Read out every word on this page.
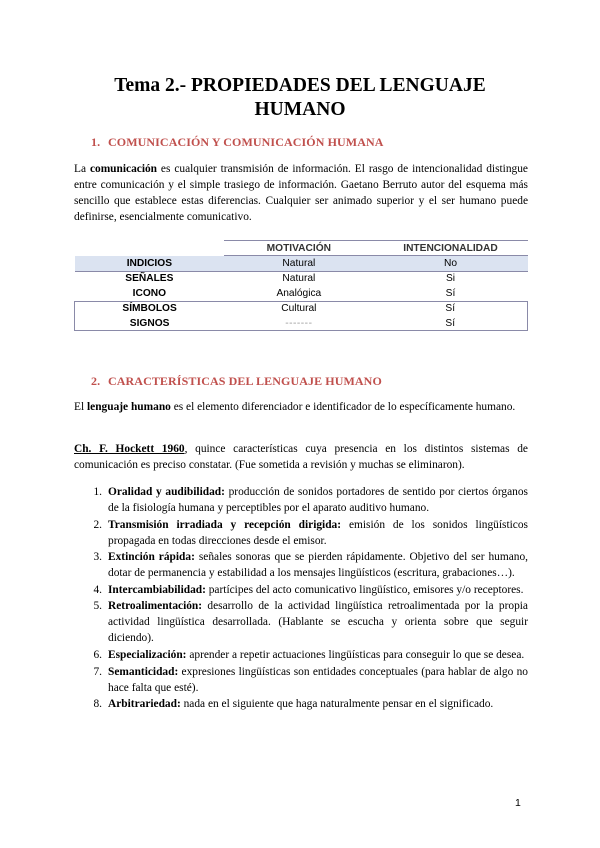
Tema 2.- PROPIEDADES DEL LENGUAJE
HUMANO
1. COMUNICACIÓN Y COMUNICACIÓN HUMANA
La comunicación es cualquier transmisión de información. El rasgo de intencionalidad distingue entre comunicación y el simple trasiego de información. Gaetano Berruto autor del esquema más sencillo que establece estas diferencias. Cualquier ser animado superior y el ser humano puede definirse, esencialmente comunicativo.
	MOTIVACIÓN	INTENCIONALIDAD
INDICIOS	Natural	No
SEÑALES	Natural	Si
ICONO	Analógica	Sí
SÍMBOLOS	Cultural	Sí
SIGNOS	-------	Sí
2. CARACTERÍSTICAS DEL LENGUAJE HUMANO
El lenguaje humano es el elemento diferenciador e identificador de lo específicamente humano.
Ch. F. Hockett 1960, quince características cuya presencia en los distintos sistemas de comunicación es preciso constatar. (Fue sometida a revisión y muchas se eliminaron).
1. Oralidad y audibilidad: producción de sonidos portadores de sentido por ciertos órganos de la fisiología humana y perceptibles por el aparato auditivo humano.
2. Transmisión irradiada y recepción dirigida: emisión de los sonidos lingüísticos propagada en todas direcciones desde el emisor.
3. Extinción rápida: señales sonoras que se pierden rápidamente. Objetivo del ser humano, dotar de permanencia y estabilidad a los mensajes lingüísticos (escritura, grabaciones…).
4. Intercambiabilidad: partícipes del acto comunicativo lingüístico, emisores y/o receptores.
5. Retroalimentación: desarrollo de la actividad lingüística retroalimentada por la propia actividad lingüística desarrollada. (Hablante se escucha y orienta sobre que seguir diciendo).
6. Especialización: aprender a repetir actuaciones lingüísticas para conseguir lo que se desea.
7. Semanticidad: expresiones lingüísticas son entidades conceptuales (para hablar de algo no hace falta que esté).
8. Arbitrariedad: nada en el siguiente que haga naturalmente pensar en el significado.
1
